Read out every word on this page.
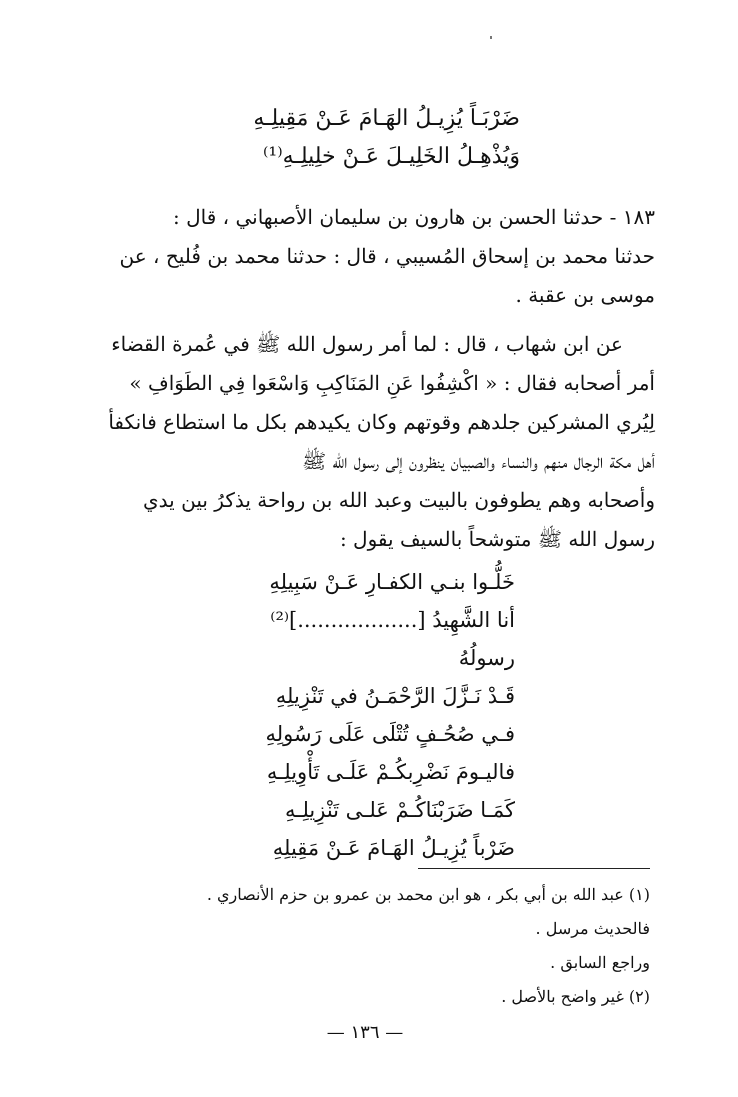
ضَرْبَـاً يُزِيـلُ الهَـامَ عَـنْ مَقِيلِـهِ
وَيُذْهِـلُ الخَلِيـلَ عَـنْ خلِيلِـهِ⁽¹⁾

١٨٣ - حدثنا الحسن بن هارون بن سليمان الأصبهاني ، قال :

حدثنا محمد بن إسحاق المُسيبي ، قال : حدثنا محمد بن فُليح ، عن

موسى بن عقبة .

عن ابن شهاب ، قال : لما أمر رسول الله ﷺ في عُمرة القضاء

أمر أصحابه فقال : « اكْشِفُوا عَنِ المَنَاكِبِ وَاسْعَوا فِي الطَوَافِ »

لِيُري المشركين جلدهم وقوتهم وكان يكيدهم بكل ما استطاع فانكفأ

أهل مكة الرجال منهم والنساء والصبيان ينظرون إلى رسول الله ﷺ

وأصحابه وهم يطوفون بالبيت وعبد الله بن رواحة يذكرُ بين يدي

رسول الله ﷺ متوشحاً بالسيف يقول :

خَلُّـوا بنـي الكفـارِ عَـنْ سَبِيلِهِ
أنا الشَّهِيدُ [..................]⁽²⁾ رسولُهُ
قَـدْ نَـزَّلَ الرَّحْمَـنُ في تَنْزِيلِهِ
فـي صُحُـفٍ تُتْلَى عَلَى رَسُولِهِ
فاليـومَ نَضْرِبكُـمْ عَلَـى تَأْوِيلِـهِ
كَمَـا ضَرَبْنَاكُـمْ عَلـى تَنْزِيلِـهِ
ضَرْباً يُزِيـلُ الهَـامَ عَـنْ مَقِيلِهِ
(١) عبد الله بن أبي بكر ، هو ابن محمد بن عمرو بن حزم الأنصاري .
فالحديث مرسل .
وراجع السابق .
(٢) غير واضح بالأصل .
— ١٣٦ —
